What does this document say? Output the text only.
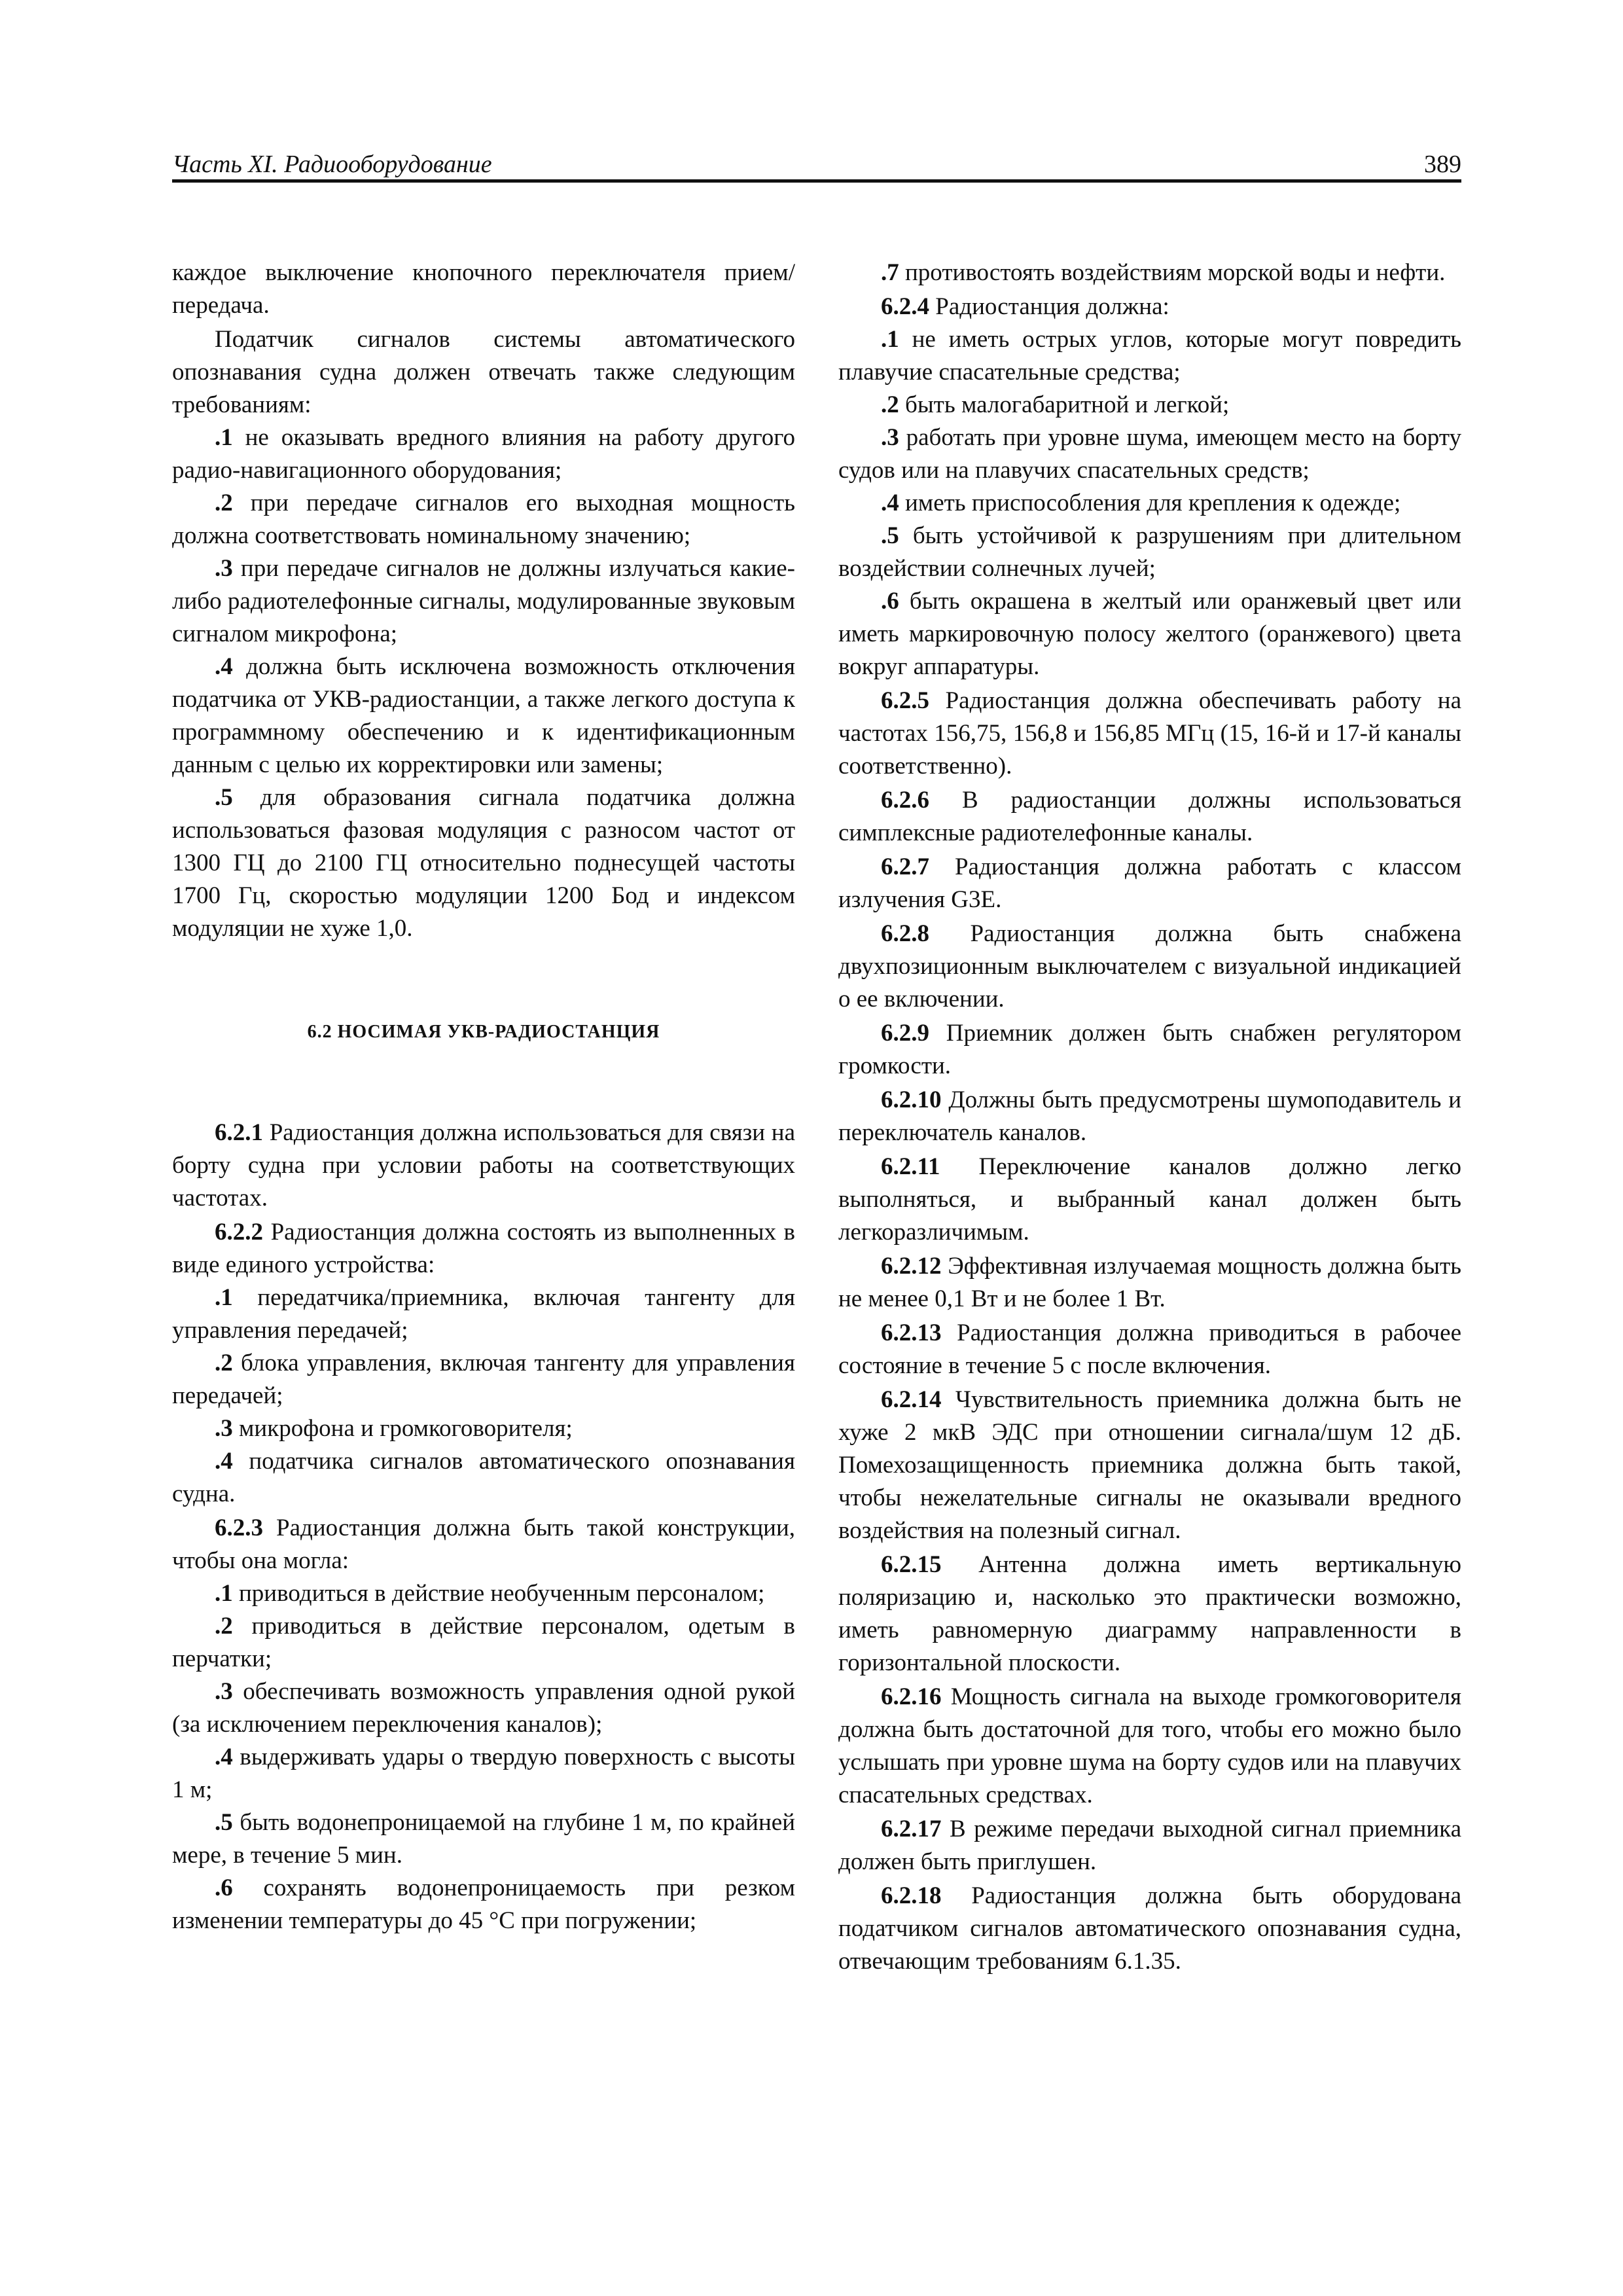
Часть XI. Радиооборудование	389

каждое выключение кнопочного переключателя прием/передача.

Податчик сигналов системы автоматического опознавания судна должен отвечать также следующим требованиям:

.1 не оказывать вредного влияния на работу другого радио-навигационного оборудования;

.2 при передаче сигналов его выходная мощность должна соответствовать номинальному значению;

.3 при передаче сигналов не должны излучаться какие-либо радиотелефонные сигналы, модулированные звуковым сигналом микрофона;

.4 должна быть исключена возможность отключения податчика от УКВ-радиостанции, а также легкого доступа к программному обеспечению и к идентификационным данным с целью их корректировки или замены;

.5 для образования сигнала податчика должна использоваться фазовая модуляция с разносом частот от 1300 ГЦ до 2100 ГЦ относительно поднесущей частоты 1700 Гц, скоростью модуляции 1200 Бод и индексом модуляции не хуже 1,0.

6.2 НОСИМАЯ УКВ-РАДИОСТАНЦИЯ

6.2.1 Радиостанция должна использоваться для связи на борту судна при условии работы на соответствующих частотах.

6.2.2 Радиостанция должна состоять из выполненных в виде единого устройства:

.1 передатчика/приемника, включая тангенту для управления передачей;

.2 блока управления, включая тангенту для управления передачей;

.3 микрофона и громкоговорителя;

.4 податчика сигналов автоматического опознавания судна.

6.2.3 Радиостанция должна быть такой конструкции, чтобы она могла:

.1 приводиться в действие необученным персоналом;

.2 приводиться в действие персоналом, одетым в перчатки;

.3 обеспечивать возможность управления одной рукой (за исключением переключения каналов);

.4 выдерживать удары о твердую поверхность с высоты 1 м;

.5 быть водонепроницаемой на глубине 1 м, по крайней мере, в течение 5 мин.

.6 сохранять водонепроницаемость при резком изменении температуры до 45 °С при погружении;

.7 противостоять воздействиям морской воды и нефти.

6.2.4 Радиостанция должна:

.1 не иметь острых углов, которые могут повредить плавучие спасательные средства;

.2 быть малогабаритной и легкой;

.3 работать при уровне шума, имеющем место на борту судов или на плавучих спасательных средств;

.4 иметь приспособления для крепления к одежде;

.5 быть устойчивой к разрушениям при длительном воздействии солнечных лучей;

.6 быть окрашена в желтый или оранжевый цвет или иметь маркировочную полосу желтого (оранжевого) цвета вокруг аппаратуры.

6.2.5 Радиостанция должна обеспечивать работу на частотах 156,75, 156,8 и 156,85 МГц (15, 16-й и 17-й каналы соответственно).

6.2.6 В радиостанции должны использоваться симплексные радиотелефонные каналы.

6.2.7 Радиостанция должна работать с классом излучения G3E.

6.2.8 Радиостанция должна быть снабжена двухпозиционным выключателем с визуальной индикацией о ее включении.

6.2.9 Приемник должен быть снабжен регулятором громкости.

6.2.10 Должны быть предусмотрены шумоподавитель и переключатель каналов.

6.2.11 Переключение каналов должно легко выполняться, и выбранный канал должен быть легкоразличимым.

6.2.12 Эффективная излучаемая мощность должна быть не менее 0,1 Вт и не более 1 Вт.

6.2.13 Радиостанция должна приводиться в рабочее состояние в течение 5 с после включения.

6.2.14 Чувствительность приемника должна быть не хуже 2 мкВ ЭДС при отношении сигнала/шум 12 дБ. Помехозащищенность приемника должна быть такой, чтобы нежелательные сигналы не оказывали вредного воздействия на полезный сигнал.

6.2.15 Антенна должна иметь вертикальную поляризацию и, насколько это практически возможно, иметь равномерную диаграмму направленности в горизонтальной плоскости.

6.2.16 Мощность сигнала на выходе громкоговорителя должна быть достаточной для того, чтобы его можно было услышать при уровне шума на борту судов или на плавучих спасательных средствах.

6.2.17 В режиме передачи выходной сигнал приемника должен быть приглушен.

6.2.18 Радиостанция должна быть оборудована податчиком сигналов автоматического опознавания судна, отвечающим требованиям 6.1.35.
